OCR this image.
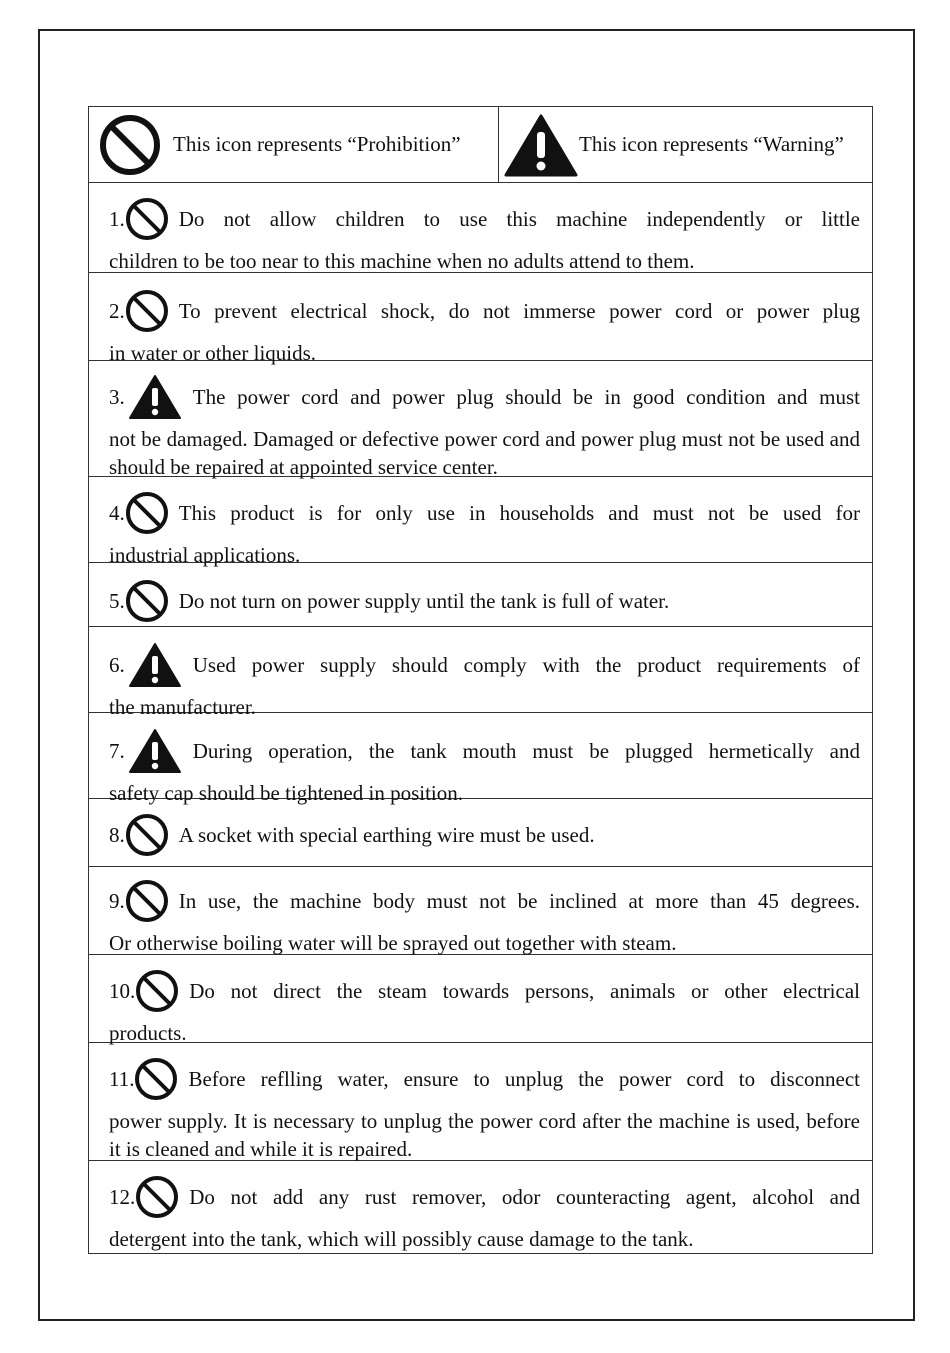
This icon represents “Prohibition”	This icon represents “Warning”
1.	Do not allow children to use this machine independently or little
children to be too near to this machine when no adults attend to them.
2.	To prevent electrical shock, do not immerse power cord or power plug
in water or other liquids.
3.	The power cord and power plug should be in good condition and must
not be damaged. Damaged or defective power cord and power plug must not be used and should be repaired at appointed service center.
4.	This product is for only use in households and must not be used for
industrial applications.
5.	Do not turn on power supply until the tank is full of water.
6.	Used power supply should comply with the product requirements of
the manufacturer.
7.	During operation, the tank mouth must be plugged hermetically and
safety cap should be tightened in position.
8.	A socket with special earthing wire must be used.
9.	In use, the machine body must not be inclined at more than 45 degrees.
Or otherwise boiling water will be sprayed out together with steam.
10.	Do not direct the steam towards persons, animals or other electrical
products.
11.	Before reflling water, ensure to unplug the power cord to disconnect
power supply. It is necessary to unplug the power cord after the machine is used, before it is cleaned and while it is repaired.
12.	Do not add any rust remover, odor counteracting agent, alcohol and
detergent into the tank, which will possibly cause damage to the tank.
